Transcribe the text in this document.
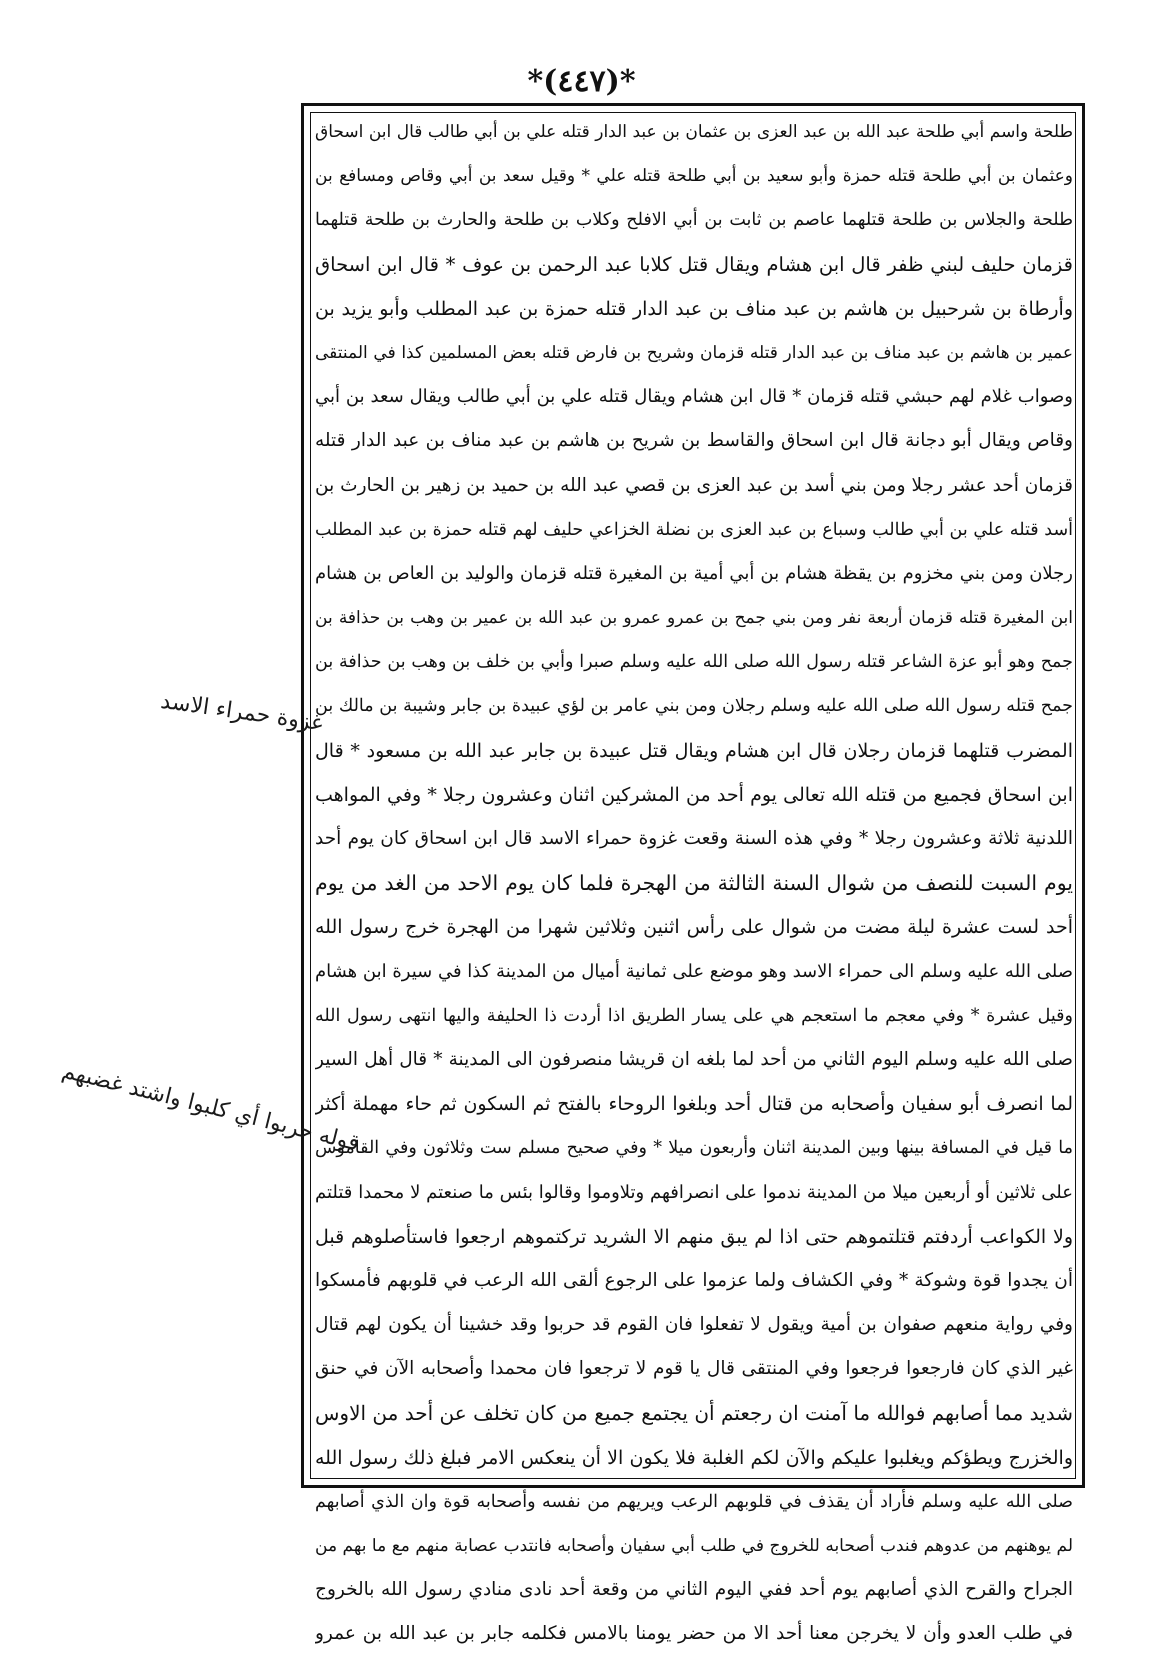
*(٤٤٧)*
طلحة واسم أبي طلحة عبد الله بن عبد العزى بن عثمان بن عبد الدار قتله علي بن أبي طالب قال ابن اسحاق
وعثمان بن أبي طلحة قتله حمزة وأبو سعيد بن أبي طلحة قتله علي * وقيل سعد بن أبي وقاص ومسافع بن
طلحة والجلاس بن طلحة قتلهما عاصم بن ثابت بن أبي الافلح وكلاب بن طلحة والحارث بن طلحة قتلهما
قزمان حليف لبني ظفر قال ابن هشام ويقال قتل كلابا عبد الرحمن بن عوف * قال ابن اسحاق
وأرطاة بن شرحبيل بن هاشم بن عبد مناف بن عبد الدار قتله حمزة بن عبد المطلب وأبو يزيد بن
عمير بن هاشم بن عبد مناف بن عبد الدار قتله قزمان وشريح بن فارض قتله بعض المسلمين كذا في المنتقى
وصواب غلام لهم حبشي قتله قزمان * قال ابن هشام ويقال قتله علي بن أبي طالب ويقال سعد بن أبي
وقاص ويقال أبو دجانة قال ابن اسحاق والقاسط بن شريح بن هاشم بن عبد مناف بن عبد الدار قتله
قزمان أحد عشر رجلا ومن بني أسد بن عبد العزى بن قصي عبد الله بن حميد بن زهير بن الحارث بن
أسد قتله علي بن أبي طالب وسباع بن عبد العزى بن نضلة الخزاعي حليف لهم قتله حمزة بن عبد المطلب
رجلان ومن بني مخزوم بن يقظة هشام بن أبي أمية بن المغيرة قتله قزمان والوليد بن العاص بن هشام
ابن المغيرة قتله قزمان أربعة نفر ومن بني جمح بن عمرو عمرو بن عبد الله بن عمير بن وهب بن حذافة بن
جمح وهو أبو عزة الشاعر قتله رسول الله صلى الله عليه وسلم صبرا وأبي بن خلف بن وهب بن حذافة بن
جمح قتله رسول الله صلى الله عليه وسلم رجلان ومن بني عامر بن لؤي عبيدة بن جابر وشيبة بن مالك بن
المضرب قتلهما قزمان رجلان قال ابن هشام ويقال قتل عبيدة بن جابر عبد الله بن مسعود * قال
ابن اسحاق فجميع من قتله الله تعالى يوم أحد من المشركين اثنان وعشرون رجلا * وفي المواهب
اللدنية ثلاثة وعشرون رجلا * وفي هذه السنة وقعت غزوة حمراء الاسد قال ابن اسحاق كان يوم أحد
يوم السبت للنصف من شوال السنة الثالثة من الهجرة فلما كان يوم الاحد من الغد من يوم
أحد لست عشرة ليلة مضت من شوال على رأس اثنين وثلاثين شهرا من الهجرة خرج رسول الله
صلى الله عليه وسلم الى حمراء الاسد وهو موضع على ثمانية أميال من المدينة كذا في سيرة ابن هشام
وقيل عشرة * وفي معجم ما استعجم هي على يسار الطريق اذا أردت ذا الحليفة واليها انتهى رسول الله
صلى الله عليه وسلم اليوم الثاني من أحد لما بلغه ان قريشا منصرفون الى المدينة * قال أهل السير
لما انصرف أبو سفيان وأصحابه من قتال أحد وبلغوا الروحاء بالفتح ثم السكون ثم حاء مهملة أكثر
ما قيل في المسافة بينها وبين المدينة اثنان وأربعون ميلا * وفي صحيح مسلم ست وثلاثون وفي القاموس
على ثلاثين أو أربعين ميلا من المدينة ندموا على انصرافهم وتلاوموا وقالوا بئس ما صنعتم لا محمدا قتلتم
ولا الكواعب أردفتم قتلتموهم حتى اذا لم يبق منهم الا الشريد تركتموهم ارجعوا فاستأصلوهم قبل
أن يجدوا قوة وشوكة * وفي الكشاف ولما عزموا على الرجوع ألقى الله الرعب في قلوبهم فأمسكوا
وفي رواية منعهم صفوان بن أمية ويقول لا تفعلوا فان القوم قد حربوا وقد خشينا أن يكون لهم قتال
غير الذي كان فارجعوا فرجعوا وفي المنتقى قال يا قوم لا ترجعوا فان محمدا وأصحابه الآن في حنق
شديد مما أصابهم فوالله ما آمنت ان رجعتم أن يجتمع جميع من كان تخلف عن أحد من الاوس
والخزرج ويطؤكم ويغلبوا عليكم والآن لكم الغلبة فلا يكون الا أن ينعكس الامر فبلغ ذلك رسول الله
صلى الله عليه وسلم فأراد أن يقذف في قلوبهم الرعب ويريهم من نفسه وأصحابه قوة وان الذي أصابهم
لم يوهنهم من عدوهم فندب أصحابه للخروج في طلب أبي سفيان وأصحابه فانتدب عصابة منهم مع ما بهم من
الجراح والقرح الذي أصابهم يوم أحد ففي اليوم الثاني من وقعة أحد نادى منادي رسول الله بالخروج
في طلب العدو وأن لا يخرجن معنا أحد الا من حضر يومنا بالامس فكلمه جابر بن عبد الله بن عمرو
غزوة حمراء الاسد
قوله حربوا أي كلبوا واشتد غضبهم
